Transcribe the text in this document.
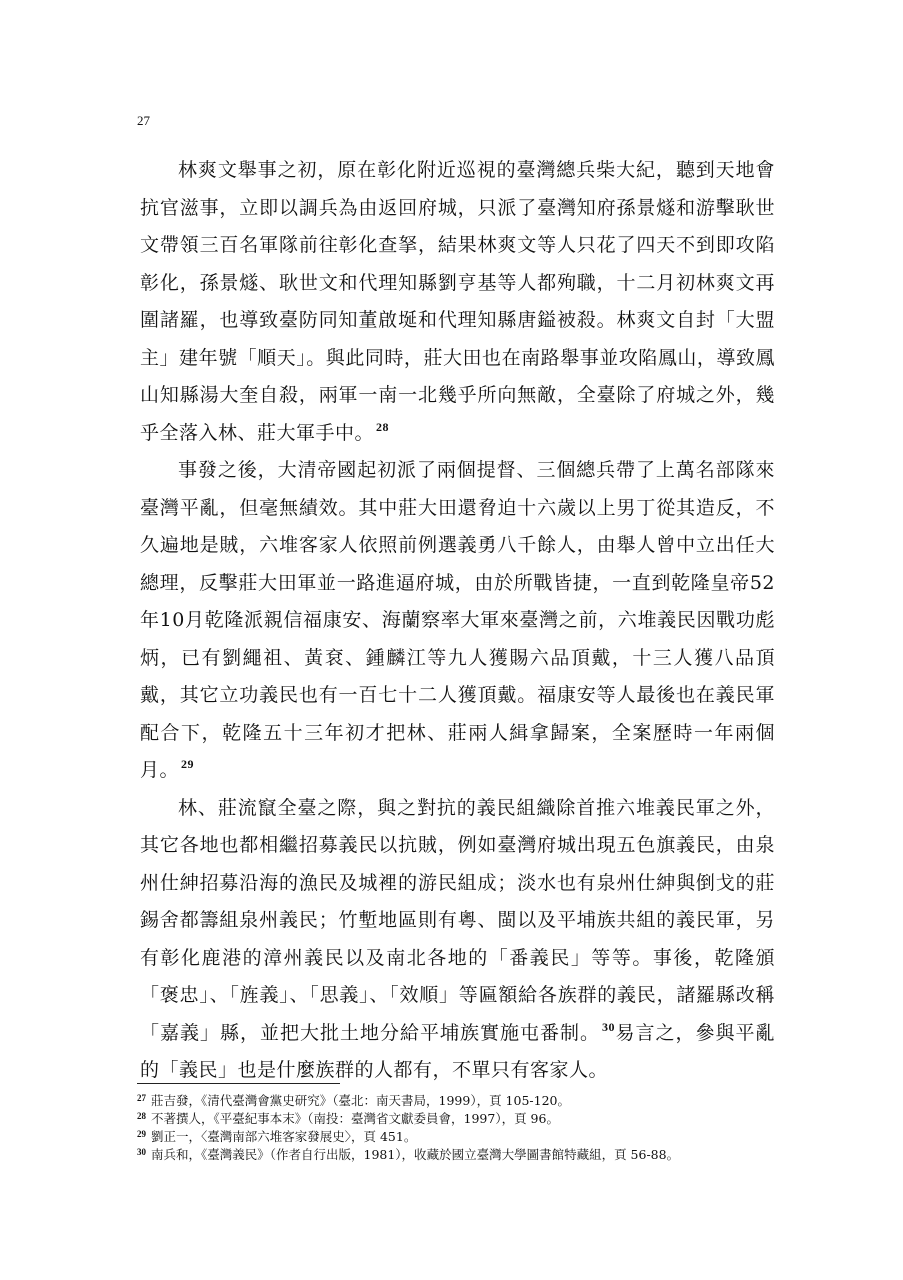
27

林爽文舉事之初，原在彰化附近巡視的臺灣總兵柴大紀，聽到天地會抗官滋事，立即以調兵為由返回府城，只派了臺灣知府孫景燧和游擊耿世文帶領三百名軍隊前往彰化查拏，結果林爽文等人只花了四天不到即攻陷彰化，孫景燧、耿世文和代理知縣劉亨基等人都殉職，十二月初林爽文再圍諸羅，也導致臺防同知董啟埏和代理知縣唐鎰被殺。林爽文自封「大盟主」建年號「順天」。與此同時，莊大田也在南路舉事並攻陷鳳山，導致鳳山知縣湯大奎自殺，兩軍一南一北幾乎所向無敵，全臺除了府城之外，幾乎全落入林、莊大軍手中。 $^{28}$

事發之後，大清帝國起初派了兩個提督、三個總兵帶了上萬名部隊來臺灣平亂，但毫無績效。其中莊大田還脅迫十六歲以上男丁從其造反，不久遍地是賊，六堆客家人依照前例選義勇八千餘人，由舉人曾中立出任大總理，反擊莊大田軍並一路進逼府城，由於所戰皆捷，一直到乾隆皇帝52年10月乾隆派親信福康安、海蘭察率大軍來臺灣之前，六堆義民因戰功彪炳，已有劉繩祖、黃袞、鍾麟江等九人獲賜六品頂戴，十三人獲八品頂戴，其它立功義民也有一百七十二人獲頂戴。福康安等人最後也在義民軍配合下，乾隆五十三年初才把林、莊兩人緝拿歸案，全案歷時一年兩個月。 $^{29}$

林、莊流竄全臺之際，與之對抗的義民組織除首推六堆義民軍之外，其它各地也都相繼招募義民以抗賊，例如臺灣府城出現五色旗義民，由泉州仕紳招募沿海的漁民及城裡的游民組成；淡水也有泉州仕紳與倒戈的莊錫舍都籌組泉州義民；竹塹地區則有粵、閩以及平埔族共組的義民軍，另有彰化鹿港的漳州義民以及南北各地的「番義民」等等。事後，乾隆頒「褒忠」、「旌義」、「思義」、「效順」等匾額給各族群的義民，諸羅縣改稱「嘉義」縣，並把大批土地分給平埔族實施屯番制。 $^{30}$易言之，參與平亂的「義民」也是什麼族群的人都有，不單只有客家人。

$^{27}$ 莊吉發，《清代臺灣會黨史研究》（臺北：南天書局，1999），頁 105-120。
$^{28}$ 不著撰人，《平臺紀事本末》（南投：臺灣省文獻委員會，1997），頁 96。
$^{29}$ 劉正一，〈臺灣南部六堆客家發展史〉，頁 451。
$^{30}$ 南兵和，《臺灣義民》（作者自行出版，1981），收藏於國立臺灣大學圖書館特藏組，頁 56-88。
